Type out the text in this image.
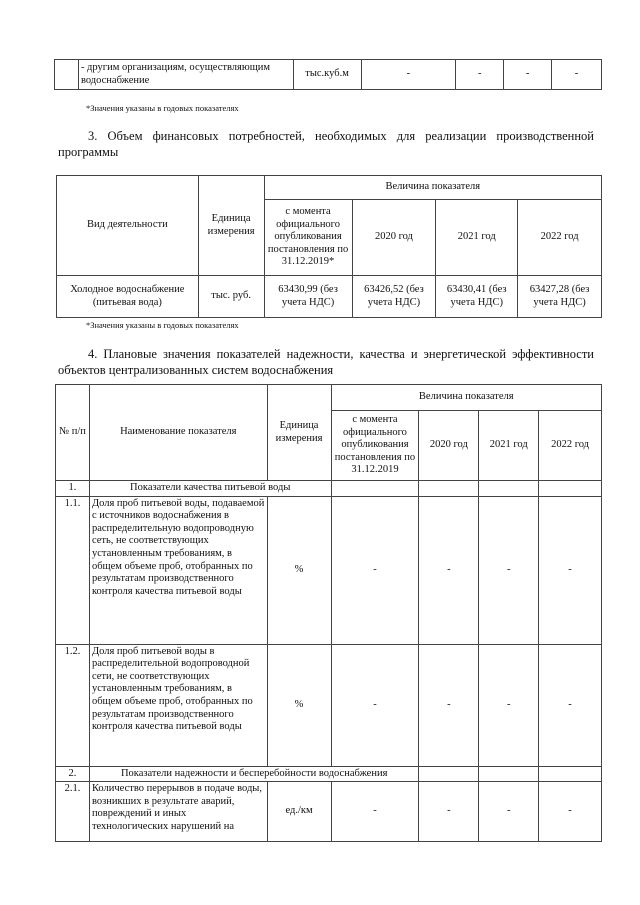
	- другим организациям, осуществляющим водоснабжение	тыс.куб.м	-	-	-	-
*Значения указаны в годовых показателях
3. Объем финансовых потребностей, необходимых для реализации производственной программы
Вид деятельности	Единица измерения	Величина показателя			
		с момента официального опубликования постановления по 31.12.2019*	2020 год	2021 год	2022 год
Холодное водоснабжение (питьевая вода)	тыс. руб.	63430,99 (без учета НДС)	63426,52 (без учета НДС)	63430,41 (без учета НДС)	63427,28 (без учета НДС)
*Значения указаны в годовых показателях
4. Плановые значения показателей надежности, качества и энергетической эффективности объектов централизованных систем водоснабжения
№ п/п	Наименование показателя	Единица измерения	Величина показателя			
			с момента официального опубликования постановления по 31.12.2019	2020 год	2021 год	2022 год
1.	Показатели качества питьевой воды					
1.1.	Доля проб питьевой воды, подаваемой с источников водоснабжения в распределительную водопроводную сеть, не соответствующих установленным требованиям, в общем объеме проб, отобранных по результатам производственного контроля качества питьевой воды	%	-	-	-	-
1.2.	Доля проб питьевой воды в распределительной водопроводной сети, не соответствующих установленным требованиям, в общем объеме проб, отобранных по результатам производственного контроля качества питьевой воды	%	-	-	-	-
2.	Показатели надежности и бесперебойности водоснабжения					
2.1.	Количество перерывов в подаче воды, возникших в результате аварий, повреждений и иных технологических нарушений на	ед./км	-	-	-	-
